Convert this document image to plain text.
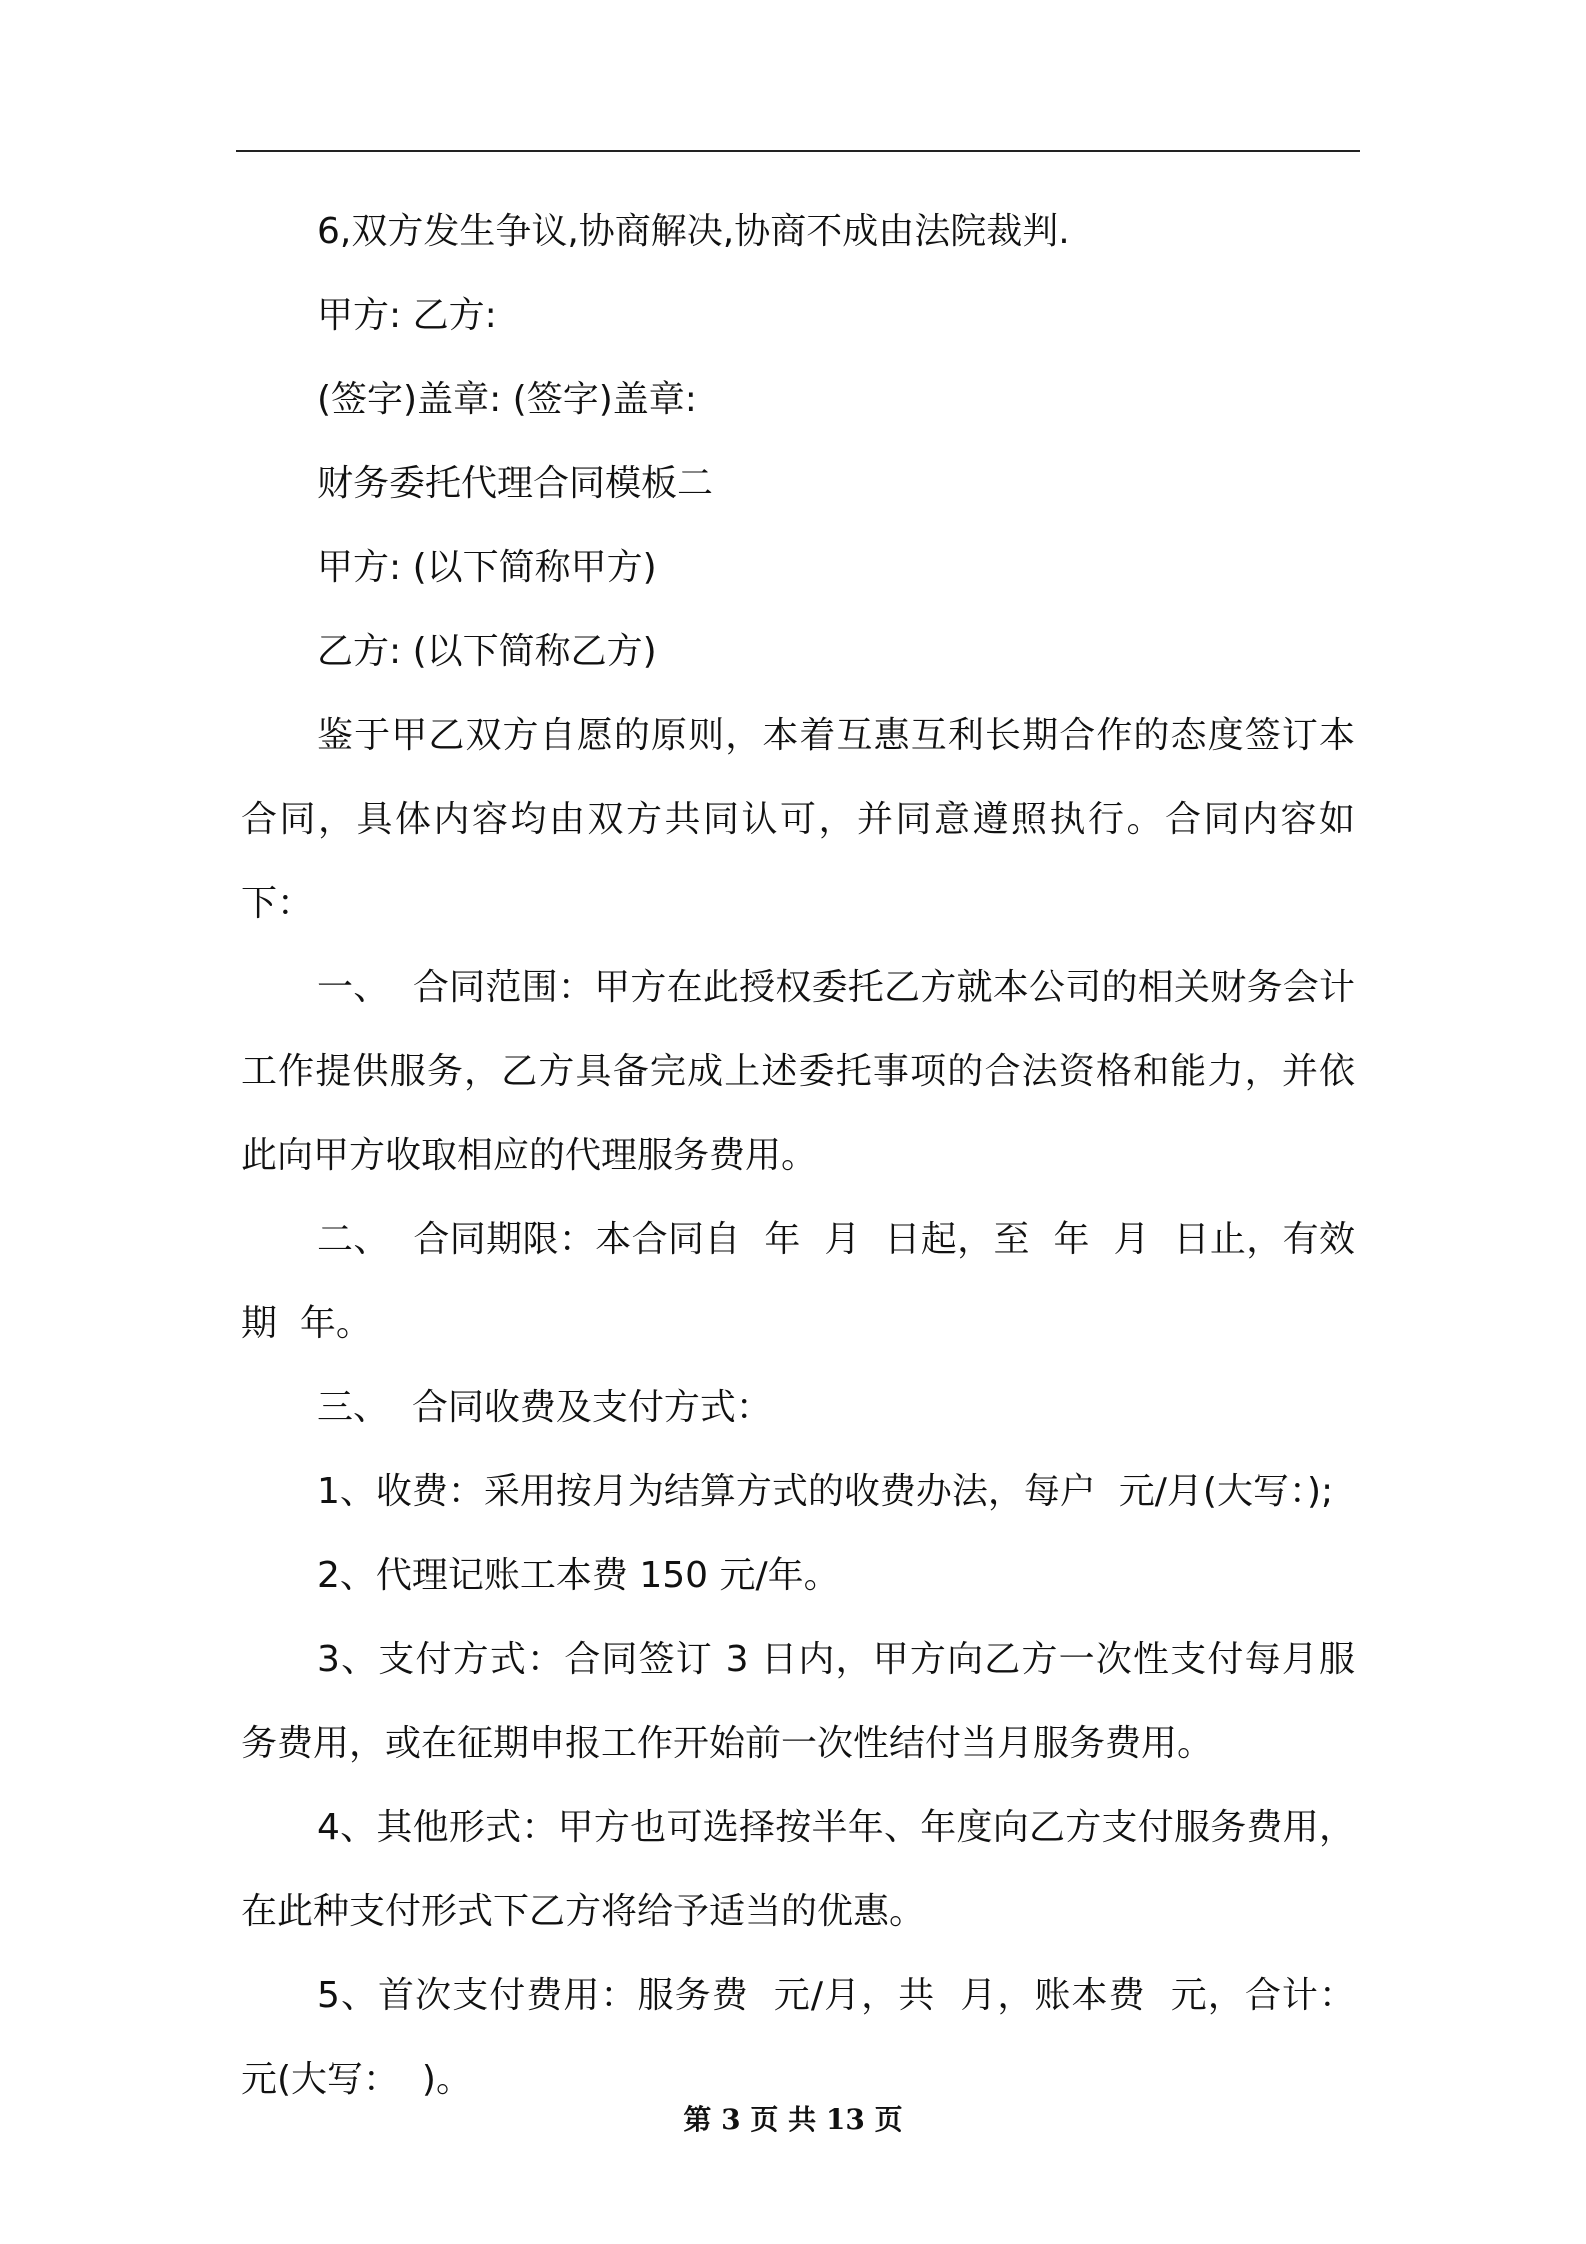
6,双方发生争议,协商解决,协商不成由法院裁判.

甲方: 乙方:

(签字)盖章: (签字)盖章:

财务委托代理合同模板二

甲方: (以下简称甲方)

乙方: (以下简称乙方)

鉴于甲乙双方自愿的原则，本着互惠互利长期合作的态度签订本合同，具体内容均由双方共同认可，并同意遵照执行。合同内容如下：

一、  合同范围：甲方在此授权委托乙方就本公司的相关财务会计工作提供服务，乙方具备完成上述委托事项的合法资格和能力，并依此向甲方收取相应的代理服务费用。

二、  合同期限：本合同自  年  月  日起，至  年  月  日止，有效期  年。

三、  合同收费及支付方式：

1、收费：采用按月为结算方式的收费办法，每户  元/月(大写：);

2、代理记账工本费 150 元/年。

3、支付方式：合同签订 3 日内，甲方向乙方一次性支付每月服务费用，或在征期申报工作开始前一次性结付当月服务费用。

4、其他形式：甲方也可选择按半年、年度向乙方支付服务费用，在此种支付形式下乙方将给予适当的优惠。

5、首次支付费用：服务费  元/月，共  月，账本费  元，合计：  元(大写：  )。

第 3 页 共 13 页
